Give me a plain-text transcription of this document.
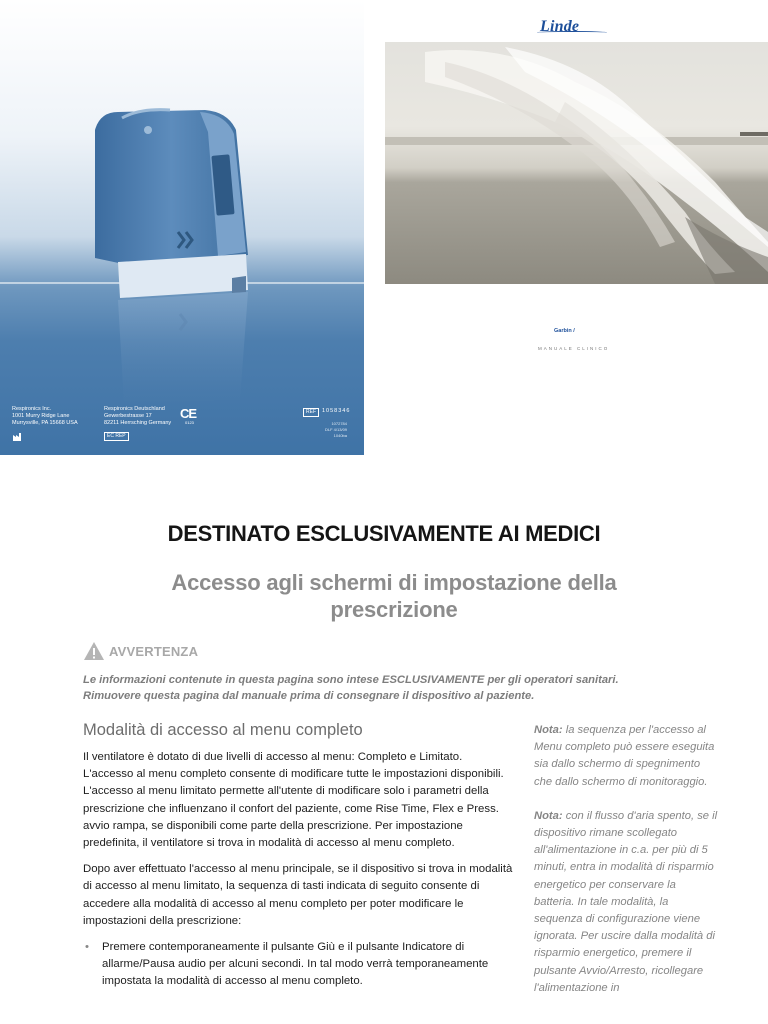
Respironics Inc.
1001 Murry Ridge Lane
Murrysville, PA 15668 USA
Respironics Deutschland
Gewerbestrasse 17
82211 Herrsching Germany
CE
0123
EC REP
REF	1058346
1072784
DLF 4/13/09
1040ba
Linde
Garbin /
MANUALE CLINICO
DESTINATO ESCLUSIVAMENTE AI MEDICI
Accesso agli schermi di impostazione della prescrizione
AVVERTENZA
Le informazioni contenute in questa pagina sono intese ESCLUSIVAMENTE per gli operatori sanitari. Rimuovere questa pagina dal manuale prima di consegnare il dispositivo al paziente.
Modalità di accesso al menu completo

Il ventilatore è dotato di due livelli di accesso al menu: Completo e Limitato. L'accesso al menu completo consente di modificare tutte le impostazioni disponibili. L'accesso al menu limitato permette all'utente di modificare solo i parametri della prescrizione che influenzano il confort del paziente, come Rise Time, Flex e Press. avvio rampa, se disponibili come parte della prescrizione. Per impostazione predefinita, il ventilatore si trova in modalità di accesso al menu completo.

Dopo aver effettuato l'accesso al menu principale, se il dispositivo si trova in modalità di accesso al menu limitato, la sequenza di tasti indicata di seguito consente di accedere alla modalità di accesso al menu completo per poter modificare le impostazioni della prescrizione:

• Premere contemporaneamente il pulsante Giù e il pulsante Indicatore di allarme/Pausa audio per alcuni secondi. In tal modo verrà temporaneamente impostata la modalità di accesso al menu completo.

Nota: la sequenza per l'accesso al Menu completo può essere eseguita sia dallo schermo di spegnimento che dallo schermo di monitoraggio.

Nota: con il flusso d'aria spento, se il dispositivo rimane scollegato all'alimentazione in c.a. per più di 5 minuti, entra in modalità di risparmio energetico per conservare la batteria. In tale modalità, la sequenza di configurazione viene ignorata. Per uscire dalla modalità di risparmio energetico, premere il pulsante Avvio/Arresto, ricollegare l'alimentazione in
